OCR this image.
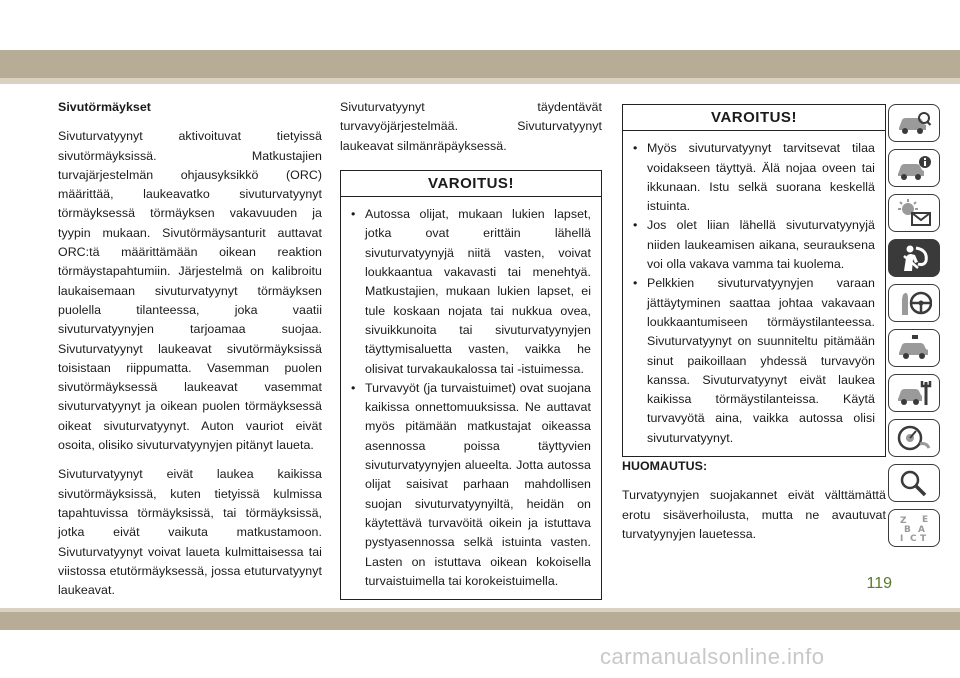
Sivutörmäykset

Sivuturvatyynyt aktivoituvat tietyissä sivutörmäyksissä. Matkustajien turvajärjestelmän ohjausyksikkö (ORC) määrittää, laukeavatko sivuturvatyynyt törmäyksessä törmäyksen vakavuuden ja tyypin mukaan. Sivutörmäysanturit auttavat ORC:tä määrittämään oikean reaktion törmäystapahtumiin. Järjestelmä on kalibroitu laukaisemaan sivuturvatyynyt törmäyksen puolella tilanteessa, joka vaatii sivuturvatyynyjen tarjoamaa suojaa. Sivuturvatyynyt laukeavat sivutörmäyksissä toisistaan riippumatta. Vasemman puolen sivutörmäyksessä laukeavat vasemmat sivuturvatyynyt ja oikean puolen törmäyksessä oikeat sivuturvatyynyt. Auton vauriot eivät osoita, olisiko sivuturvatyynyjen pitänyt laueta.

Sivuturvatyynyt eivät laukea kaikissa sivutörmäyksissä, kuten tietyissä kulmissa tapahtuvissa törmäyksissä, tai törmäyksissä, jotka eivät vaikuta matkustamoon. Sivuturvatyynyt voivat laueta kulmittaisessa tai viistossa etutörmäyksessä, jossa etuturvatyynyt laukeavat.

Sivuturvatyynyt täydentävät turvavyöjärjestelmää. Sivuturvatyynyt laukeavat silmänräpäyksessä.

VAROITUS!
• Autossa olijat, mukaan lukien lapset, jotka ovat erittäin lähellä sivuturvatyynyjä niitä vasten, voivat loukkaantua vakavasti tai menehtyä. Matkustajien, mukaan lukien lapset, ei tule koskaan nojata tai nukkua ovea, sivuikkunoita tai sivuturvatyynyjen täyttymisaluetta vasten, vaikka he olisivat turvakaukalossa tai -istuimessa.
• Turvavyöt (ja turvaistuimet) ovat suojana kaikissa onnettomuuksissa. Ne auttavat myös pitämään matkustajat oikeassa asennossa poissa täyttyvien sivuturvatyynyjen alueelta. Jotta autossa olijat saisivat parhaan mahdollisen suojan sivuturvatyynyiltä, heidän on käytettävä turvavöitä oikein ja istuttava pystyasennossa selkä istuinta vasten. Lasten on istuttava oikean kokoisella turvaistuimella tai korokeistuimella.
VAROITUS!
• Myös sivuturvatyynyt tarvitsevat tilaa voidakseen täyttyä. Älä nojaa oveen tai ikkunaan. Istu selkä suorana keskellä istuinta.
• Jos olet liian lähellä sivuturvatyynyjä niiden laukeamisen aikana, seurauksena voi olla vakava vamma tai kuolema.
• Pelkkien sivuturvatyynyjen varaan jättäytyminen saattaa johtaa vakavaan loukkaantumiseen törmäystilanteessa. Sivuturvatyynyt on suunniteltu pitämään sinut paikoillaan yhdessä turvavyön kanssa. Sivuturvatyynyt eivät laukea kaikissa törmäystilanteissa. Käytä turvavyötä aina, vaikka autossa olisi sivuturvatyynyt.

HUOMAUTUS:

Turvatyynyjen suojakannet eivät välttämättä erotu sisäverhoilusta, mutta ne avautuvat turvatyynyjen lauetessa.

Z E
B A
C T
I
119
carmanualsonline.info
